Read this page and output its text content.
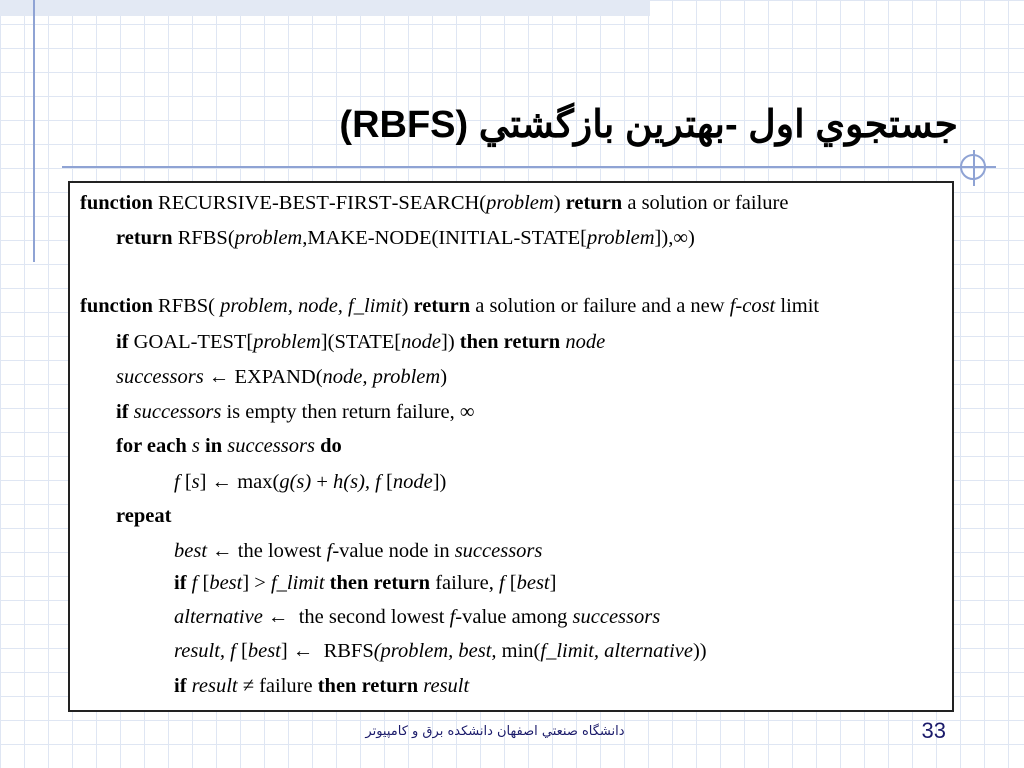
جستجوي اول -بهترين بازگشتي (RBFS)
function RECURSIVE-BEST-FIRST-SEARCH(problem) return a solution or failure
return RFBS(problem,MAKE-NODE(INITIAL-STATE[problem]),∞)
function RFBS( problem, node, f_limit) return a solution or failure and a new f-cost limit
if GOAL-TEST[problem](STATE[node]) then return node
successors ← EXPAND(node, problem)
if successors is empty then return failure, ∞
for each s in successors do
f [s] ← max(g(s) + h(s), f [node])
repeat
best ← the lowest f-value node in successors
if f [best] > f_limit then return failure, f [best]
alternative ←  the second lowest f-value among successors
result, f [best] ←  RBFS(problem, best, min(f_limit, alternative))
if result ≠ failure then return result
دانشگاه صنعتي اصفهان دانشکده برق و کامپيوتر	33
